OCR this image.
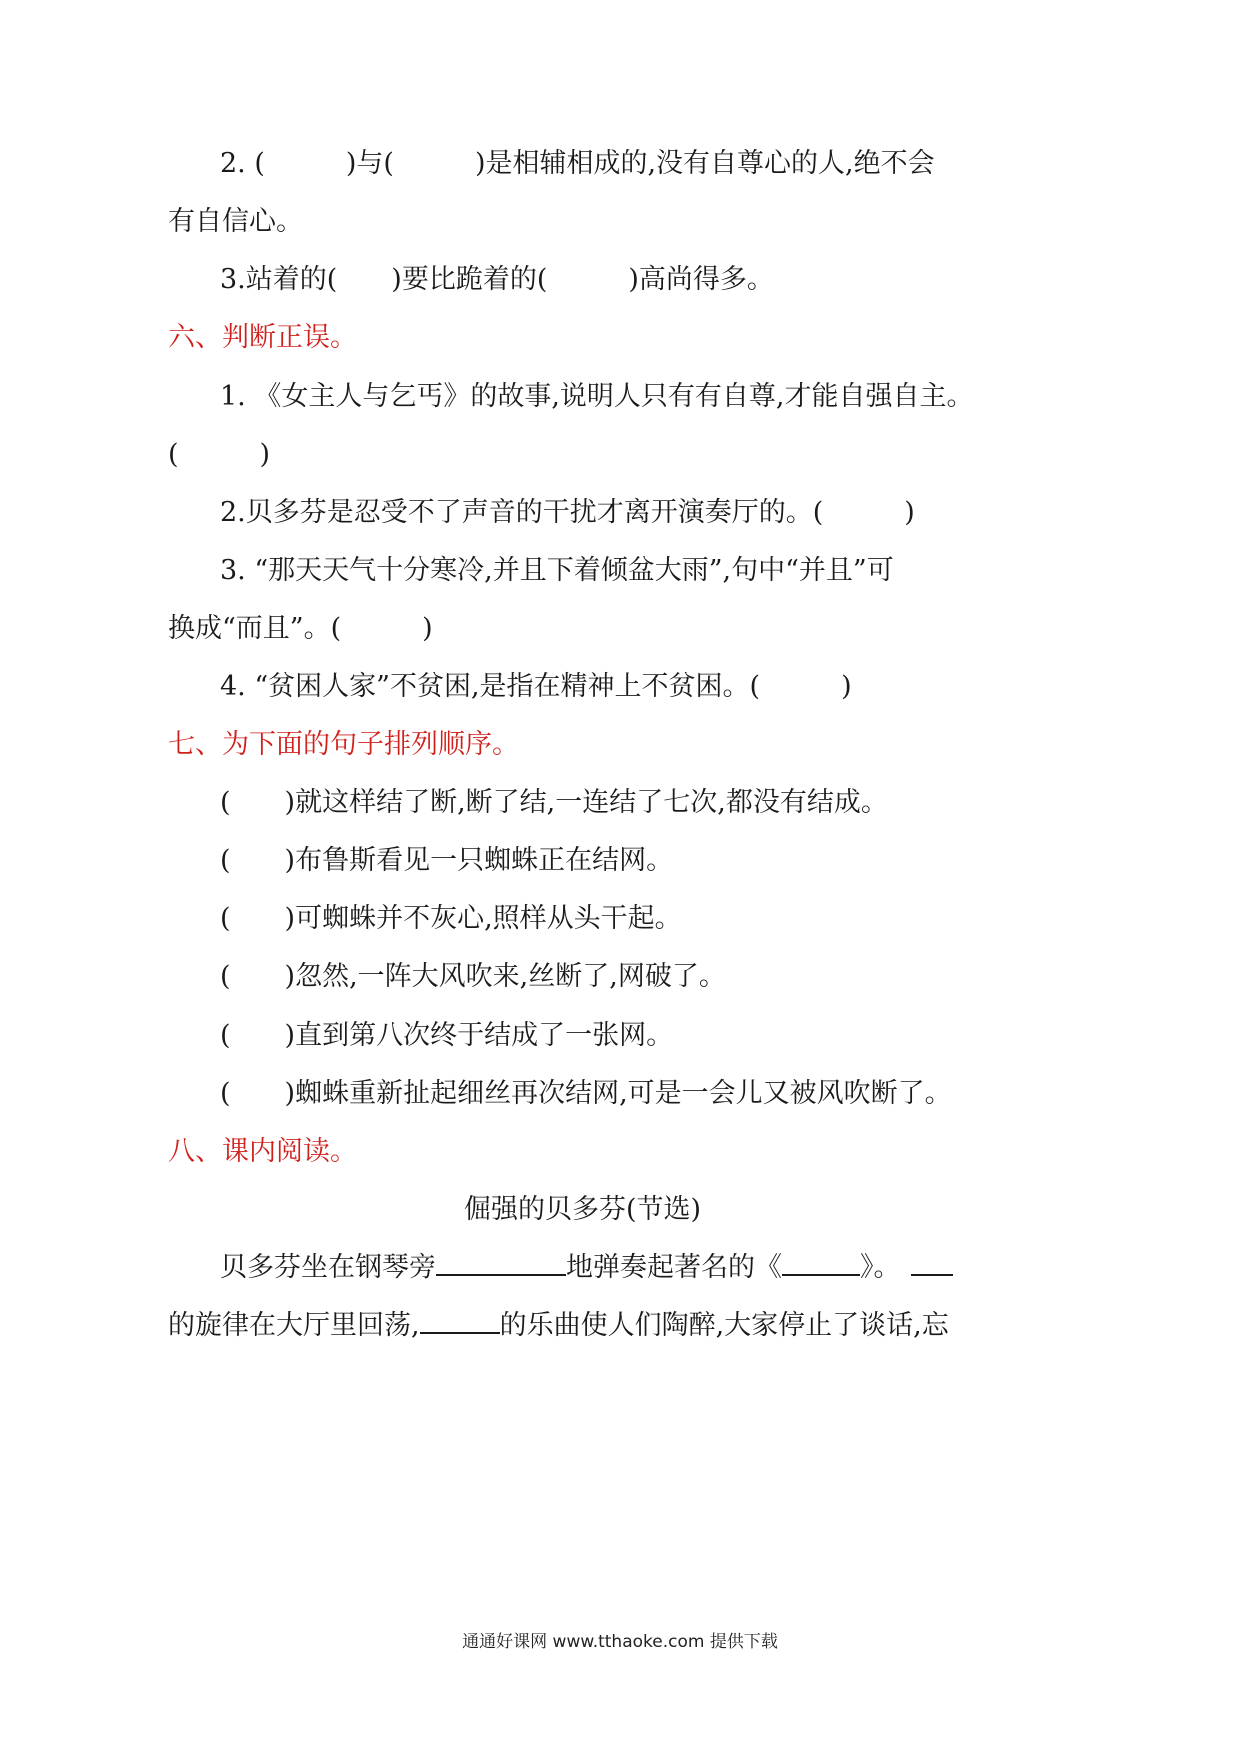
2. (　　　)与(　　　)是相辅相成的,没有自尊心的人,绝不会
有自信心。
3.站着的(　　)要比跪着的(　　　)高尚得多。
六、判断正误。
1. 《女主人与乞丐》的故事,说明人只有有自尊,才能自强自主。
(　　　)
2.贝多芬是忍受不了声音的干扰才离开演奏厅的。(　　　)
3. “那天天气十分寒冷,并且下着倾盆大雨”,句中“并且”可
换成“而且”。(　　　)
4. “贫困人家”不贫困,是指在精神上不贫困。(　　　)
七、为下面的句子排列顺序。
(　　)就这样结了断,断了结,一连结了七次,都没有结成。
(　　)布鲁斯看见一只蜘蛛正在结网。
(　　)可蜘蛛并不灰心,照样从头干起。
(　　)忽然,一阵大风吹来,丝断了,网破了。
(　　)直到第八次终于结成了一张网。
(　　)蜘蛛重新扯起细丝再次结网,可是一会儿又被风吹断了。
八、课内阅读。
倔强的贝多芬(节选)
贝多芬坐在钢琴旁	地弹奏起著名的《	》。
的旋律在大厅里回荡,	的乐曲使人们陶醉,大家停止了谈话,忘
通通好课网 www.tthaoke.com 提供下载
